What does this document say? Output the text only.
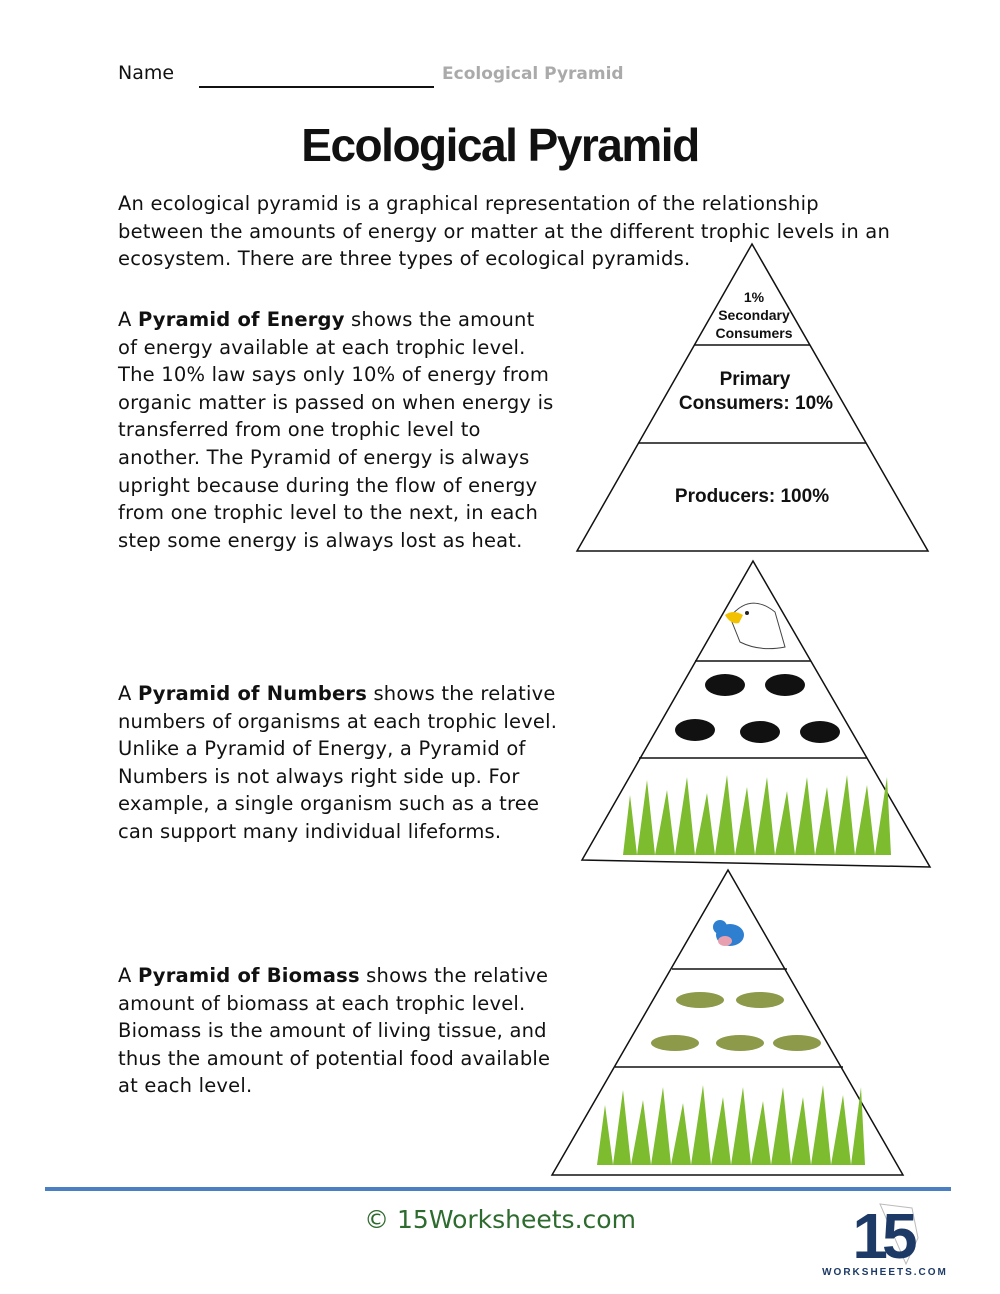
Name	Ecological Pyramid
Ecological Pyramid
An ecological pyramid is a graphical representation of the relationship between the amounts of energy or matter at the different trophic levels in an ecosystem. There are three types of ecological pyramids.
A Pyramid of Energy shows the amount of energy available at each trophic level. The 10% law says only 10% of energy from organic matter is passed on when energy is transferred from one trophic level to another. The Pyramid of energy is always upright because during the flow of energy from one trophic level to the next, in each step some energy is always lost as heat.
A Pyramid of Numbers shows the relative numbers of organisms at each trophic level. Unlike a Pyramid of Energy, a Pyramid of Numbers is not always right side up. For example, a single organism such as a tree can support many individual lifeforms.
A Pyramid of Biomass shows the relative amount of biomass at each trophic level. Biomass is the amount of living tissue, and thus the amount of potential food available at each level.
1%
Secondary
Consumers
Primary
Consumers: 10%
Producers: 100%
© 15Worksheets.com	15
WORKSHEETS.COM
